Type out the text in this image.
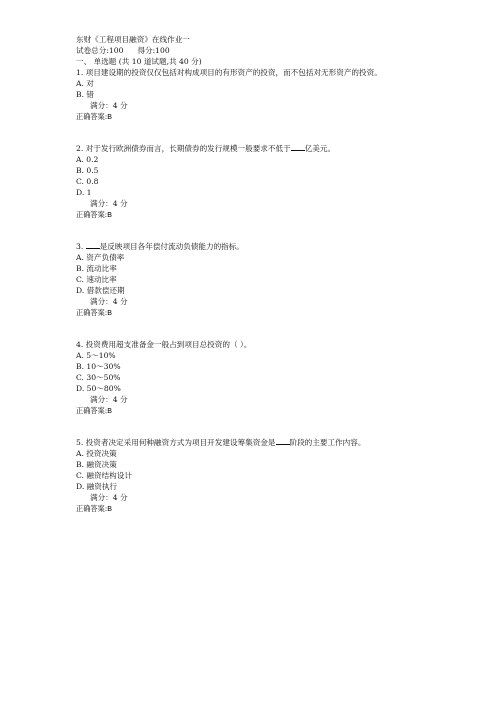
东财《工程项目融资》在线作业一
试卷总分:100 得分:100
一、 单选题 (共 10 道试题,共 40 分)
1. 项目建设期的投资仅仅包括对构成项目的有形资产的投资，而不包括对无形资产的投资。
A. 对
B. 错
满分：4 分
正确答案:B
2. 对于发行欧洲债券而言，长期债券的发行规模一般要求不低于 亿美元。
A. 0.2
B. 0.5
C. 0.8
D. 1
满分：4 分
正确答案:B
3. 是反映项目各年偿付流动负债能力的指标。
A. 资产负债率
B. 流动比率
C. 速动比率
D. 借款偿还期
满分：4 分
正确答案:B
4. 投资费用超支准备金一般占到项目总投资的（ ）。
A. 5～10%
B. 10～30%
C. 30～50%
D. 50～80%
满分：4 分
正确答案:B
5. 投资者决定采用何种融资方式为项目开发建设筹集资金是 阶段的主要工作内容。
A. 投资决策
B. 融资决策
C. 融资结构设计
D. 融资执行
满分：4 分
正确答案:B
